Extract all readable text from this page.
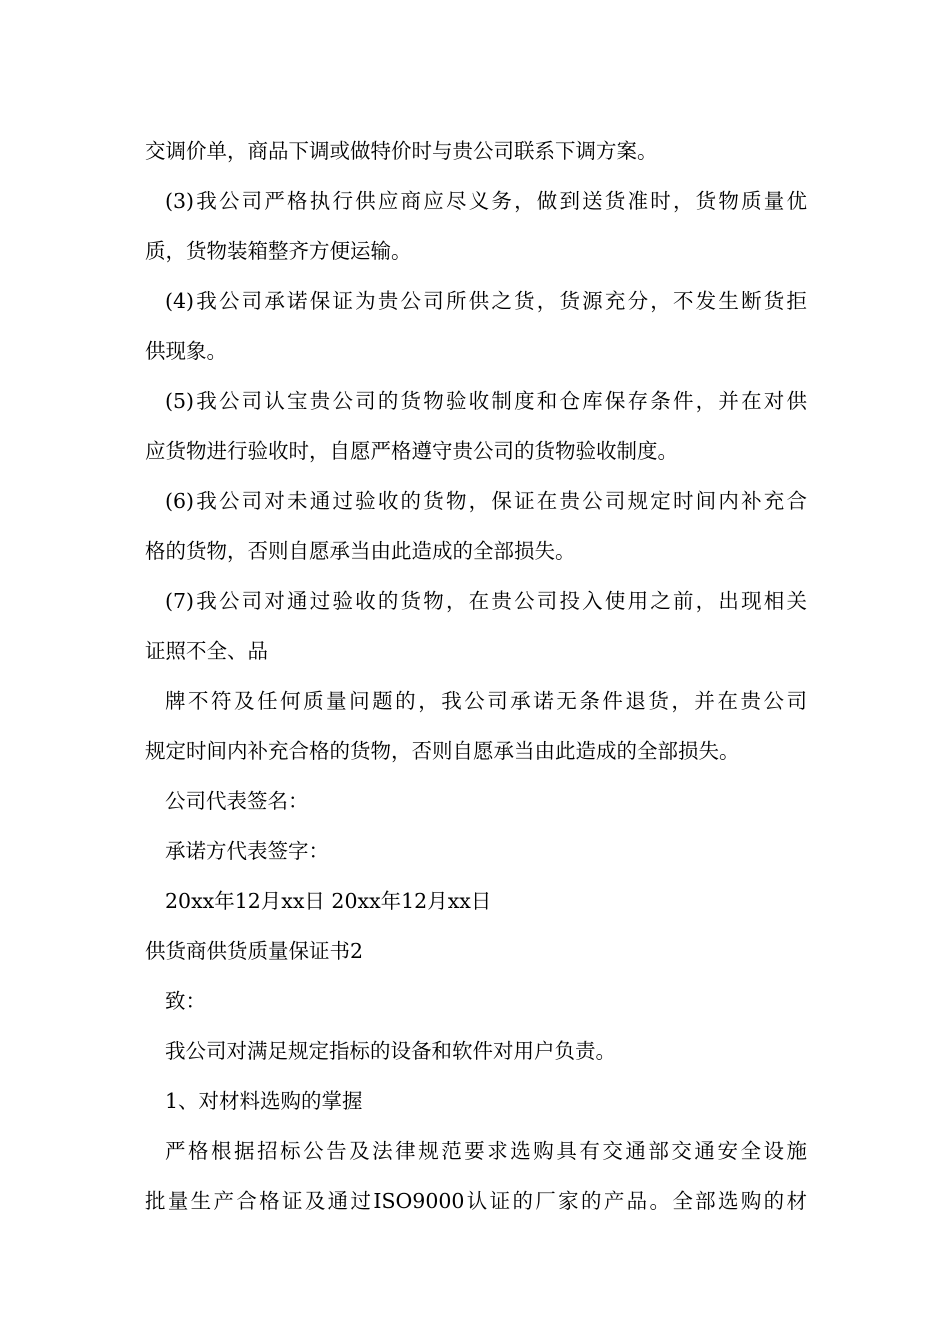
交调价单，商品下调或做特价时与贵公司联系下调方案。
(3)我公司严格执行供应商应尽义务，做到送货准时，货物质量优
质，货物装箱整齐方便运输。
(4)我公司承诺保证为贵公司所供之货，货源充分，不发生断货拒
供现象。
(5)我公司认宝贵公司的货物验收制度和仓库保存条件，并在对供
应货物进行验收时，自愿严格遵守贵公司的货物验收制度。
(6)我公司对未通过验收的货物，保证在贵公司规定时间内补充合
格的货物，否则自愿承当由此造成的全部损失。
(7)我公司对通过验收的货物，在贵公司投入使用之前，出现相关
证照不全、品
牌不符及任何质量问题的，我公司承诺无条件退货，并在贵公司
规定时间内补充合格的货物，否则自愿承当由此造成的全部损失。
公司代表签名：
承诺方代表签字：
20xx年12月xx日 20xx年12月xx日
供货商供货质量保证书2
致：
我公司对满足规定指标的设备和软件对用户负责。
1、对材料选购的掌握
严格根据招标公告及法律规范要求选购具有交通部交通安全设施
批量生产合格证及通过ISO9000认证的厂家的产品。全部选购的材
